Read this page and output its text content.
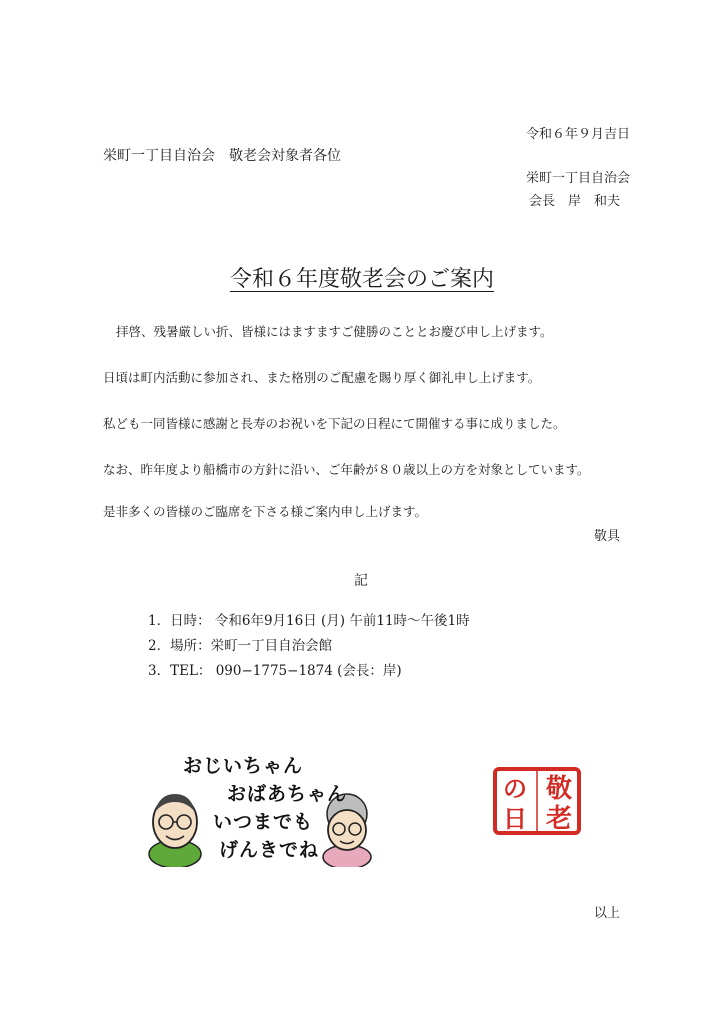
令和６年９月吉日
栄町一丁目自治会　敬老会対象者各位
栄町一丁目自治会
会長　岸　和夫
令和６年度敬老会のご案内
拝啓、残暑厳しい折、皆様にはますますご健勝のこととお慶び申し上げます。
日頃は町内活動に参加され、また格別のご配慮を賜り厚く御礼申し上げます。
私ども一同皆様に感謝と長寿のお祝いを下記の日程にて開催する事に成りました。
なお、昨年度より船橋市の方針に沿い、ご年齢が８０歳以上の方を対象としています。
是非多くの皆様のご臨席を下さる様ご案内申し上げます。
敬具
記
1．日時： 令和6年9月16日 (月) 午前11時〜午後1時
2．場所：栄町一丁目自治会館
3．TEL： 090−1775−1874 (会長：岸)
おじいちゃん
おばあちゃん
いつまでも
げんきでね
敬
老
の
日
以上
